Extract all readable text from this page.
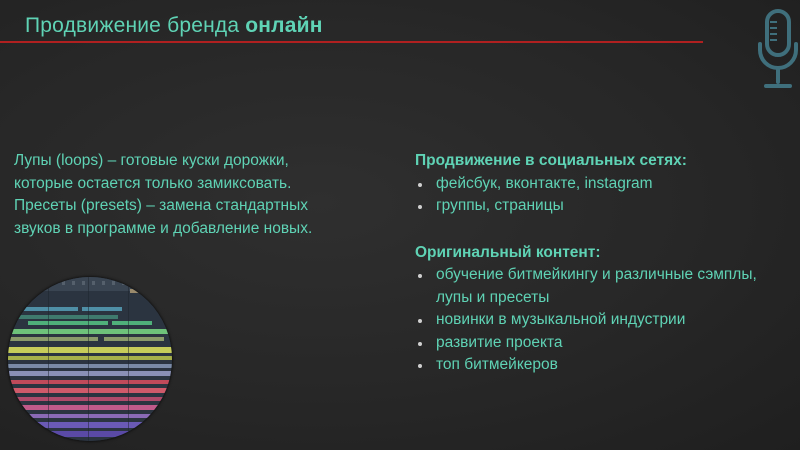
Продвижение бренда онлайн
Лупы (loops) – готовые куски дорожки, которые остается только замиксовать. Пресеты (presets) – замена стандартных звуков в программе и добавление новых.
Продвижение в социальных сетях:
фейсбук, вконтакте, instagram
группы, страницы
Оригинальный контент:
обучение битмейкингу и различные сэмплы, лупы и пресеты
новинки в музыкальной индустрии
развитие проекта
топ битмейкеров
